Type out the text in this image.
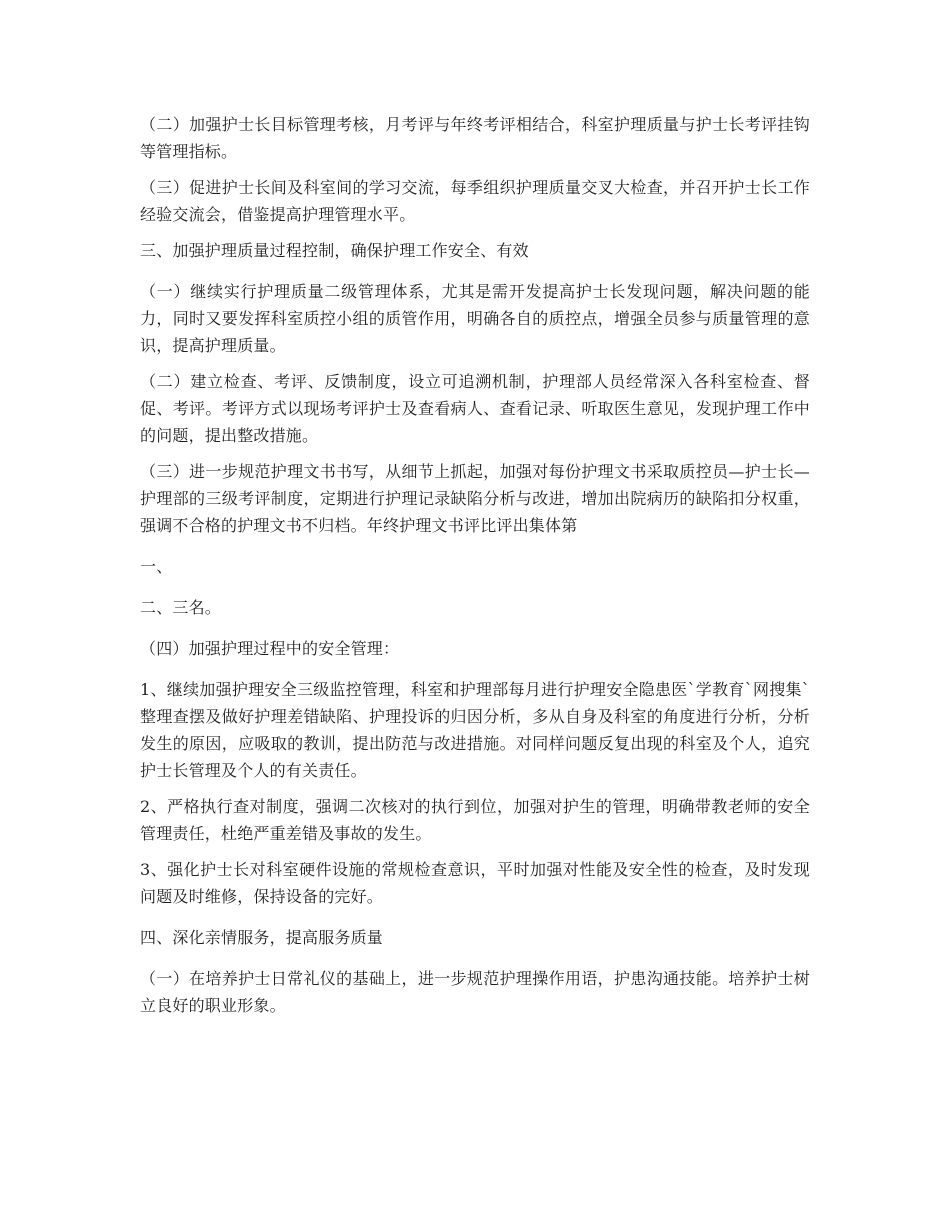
（二）加强护士长目标管理考核，月考评与年终考评相结合，科室护理质量与护士长考评挂钩等管理指标。

（三）促进护士长间及科室间的学习交流，每季组织护理质量交叉大检查，并召开护士长工作经验交流会，借鉴提高护理管理水平。

三、加强护理质量过程控制，确保护理工作安全、有效

（一）继续实行护理质量二级管理体系，尤其是需开发提高护士长发现问题，解决问题的能力，同时又要发挥科室质控小组的质管作用，明确各自的质控点，增强全员参与质量管理的意识，提高护理质量。

（二）建立检查、考评、反馈制度，设立可追溯机制，护理部人员经常深入各科室检查、督促、考评。考评方式以现场考评护士及查看病人、查看记录、听取医生意见，发现护理工作中的问题，提出整改措施。

（三）进一步规范护理文书书写，从细节上抓起，加强对每份护理文书采取质控员—护士长—护理部的三级考评制度，定期进行护理记录缺陷分析与改进，增加出院病历的缺陷扣分权重，强调不合格的护理文书不归档。年终护理文书评比评出集体第

一、

二、三名。

（四）加强护理过程中的安全管理：

1、继续加强护理安全三级监控管理，科室和护理部每月进行护理安全隐患医`学教育`网搜集`整理查摆及做好护理差错缺陷、护理投诉的归因分析，多从自身及科室的角度进行分析，分析发生的原因，应吸取的教训，提出防范与改进措施。对同样问题反复出现的科室及个人，追究护士长管理及个人的有关责任。

2、严格执行查对制度，强调二次核对的执行到位，加强对护生的管理，明确带教老师的安全管理责任，杜绝严重差错及事故的发生。

3、强化护士长对科室硬件设施的常规检查意识，平时加强对性能及安全性的检查，及时发现问题及时维修，保持设备的完好。

四、深化亲情服务，提高服务质量

（一）在培养护士日常礼仪的基础上，进一步规范护理操作用语，护患沟通技能。培养护士树立良好的职业形象。
